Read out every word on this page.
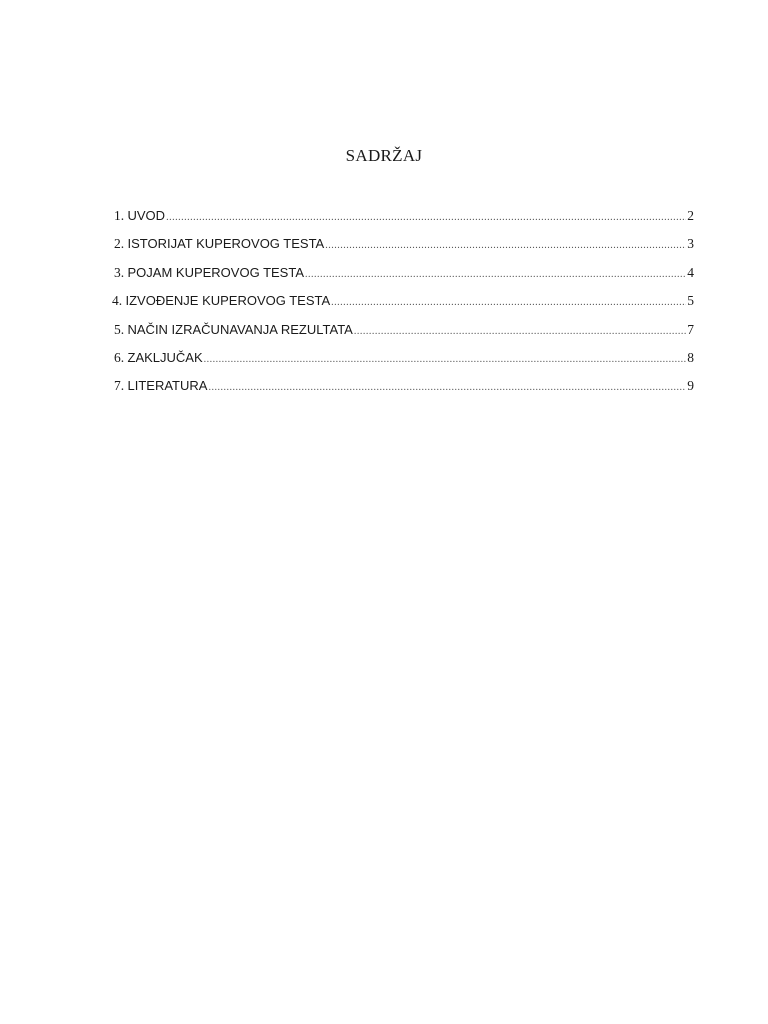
SADRŽAJ
1. UVOD .....	2
2. ISTORIJAT KUPEROVOG TESTA .....	3
3. POJAM KUPEROVOG TESTA .....	4
4. IZVOĐENJE KUPEROVOG TESTA .....	5
5. NAČIN IZRAČUNAVANJA REZULTATA .....	7
6. ZAKLJUČAK .....	8
7. LITERATURA .....	9
